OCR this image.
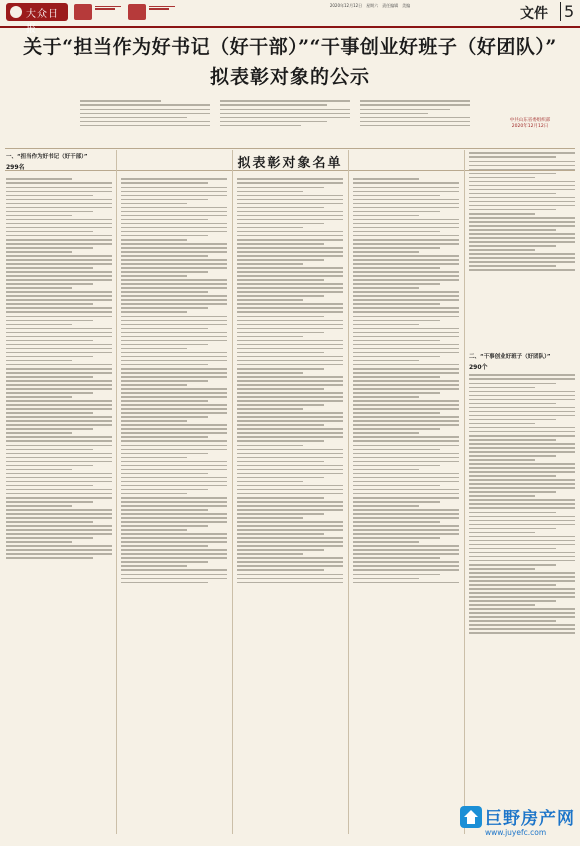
大众日报
2020年12月12日　星期六　责任编辑　美编
文件 5
关于“担当作为好书记（好干部）”“干事创业好班子（好团队）”
拟表彰对象的公示
中共山东省委组织部
2020年12月12日
拟表彰对象名单
一、“担当作为好书记（好干部）”
299名
二、“干事创业好班子（好团队）”
290个
巨野房产网
www.juyefc.com
